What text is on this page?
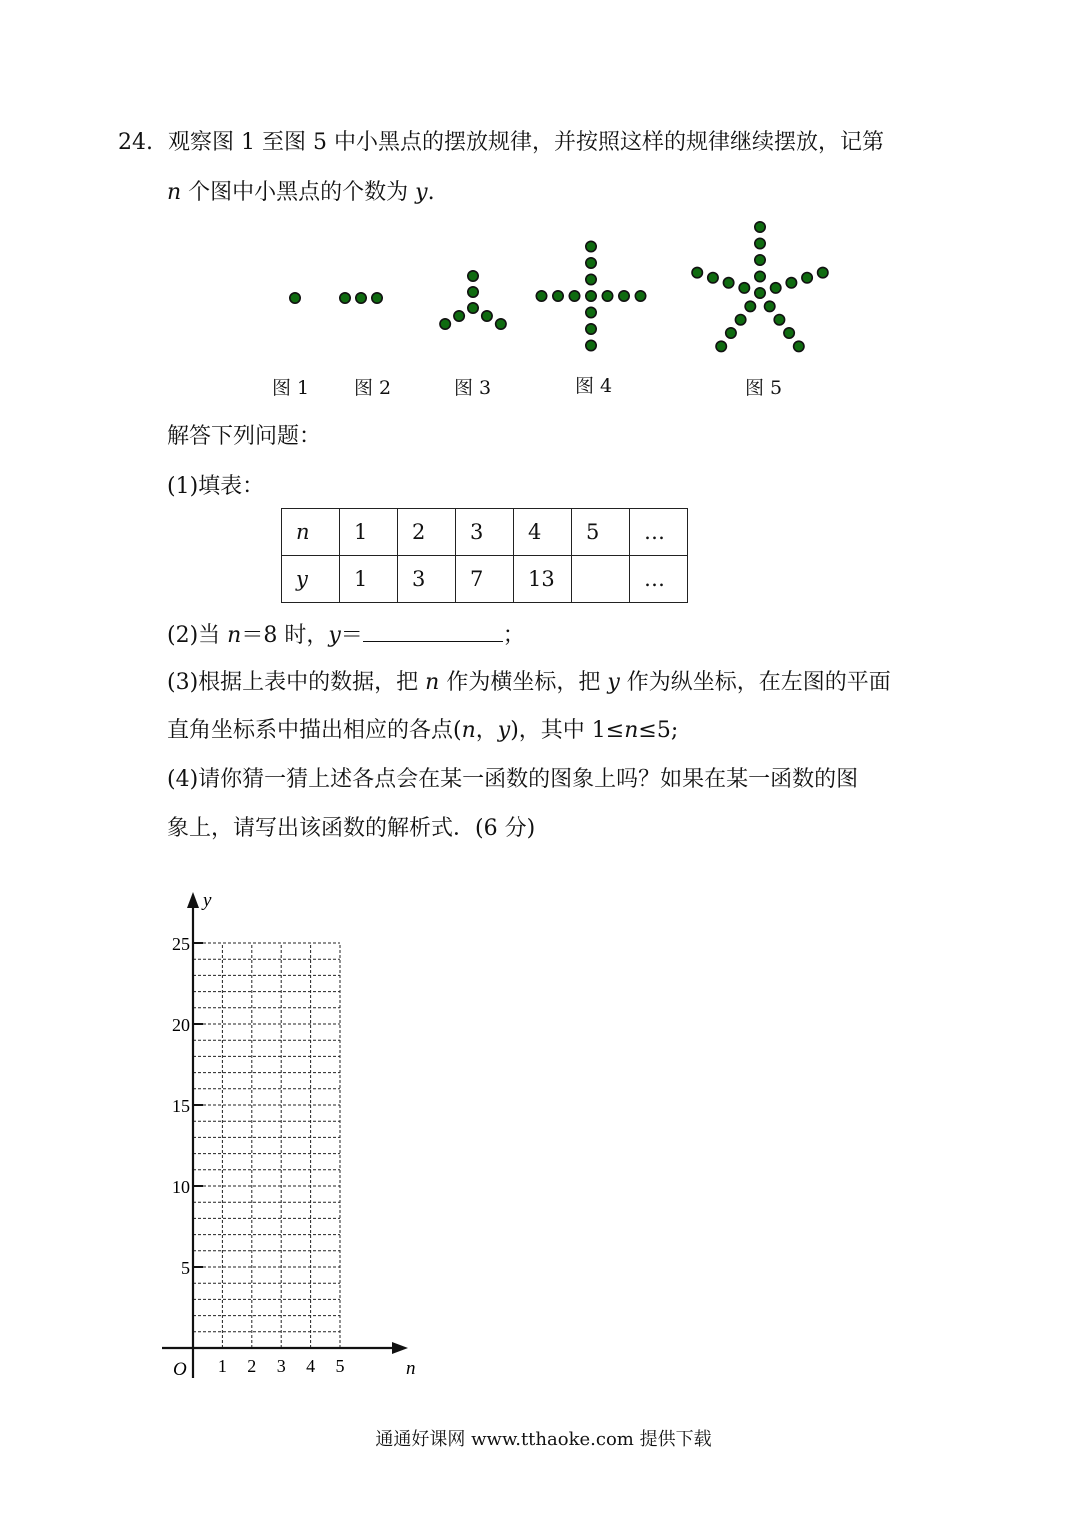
24. 观察图 1 至图 5 中小黑点的摆放规律，并按照这样的规律继续摆放，记第
n 个图中小黑点的个数为 y.
图 1 图 2	图 3	图 4	图 5
解答下列问题：
(1)填表：
n	1	2	3	4	5	…
y	1	3	7	13		…
(2)当 n＝8 时，y＝	；
(3)根据上表中的数据，把 n 作为横坐标，把 y 作为纵坐标，在左图的平面
直角坐标系中描出相应的各点(n，y)，其中 1≤n≤5;
(4)请你猜一猜上述各点会在某一函数的图象上吗？如果在某一函数的图
象上，请写出该函数的解析式．(6 分)
1 2 3 4 5
5
10
15
20
25
n
y
O
通通好课网 www.tthaoke.com 提供下载
